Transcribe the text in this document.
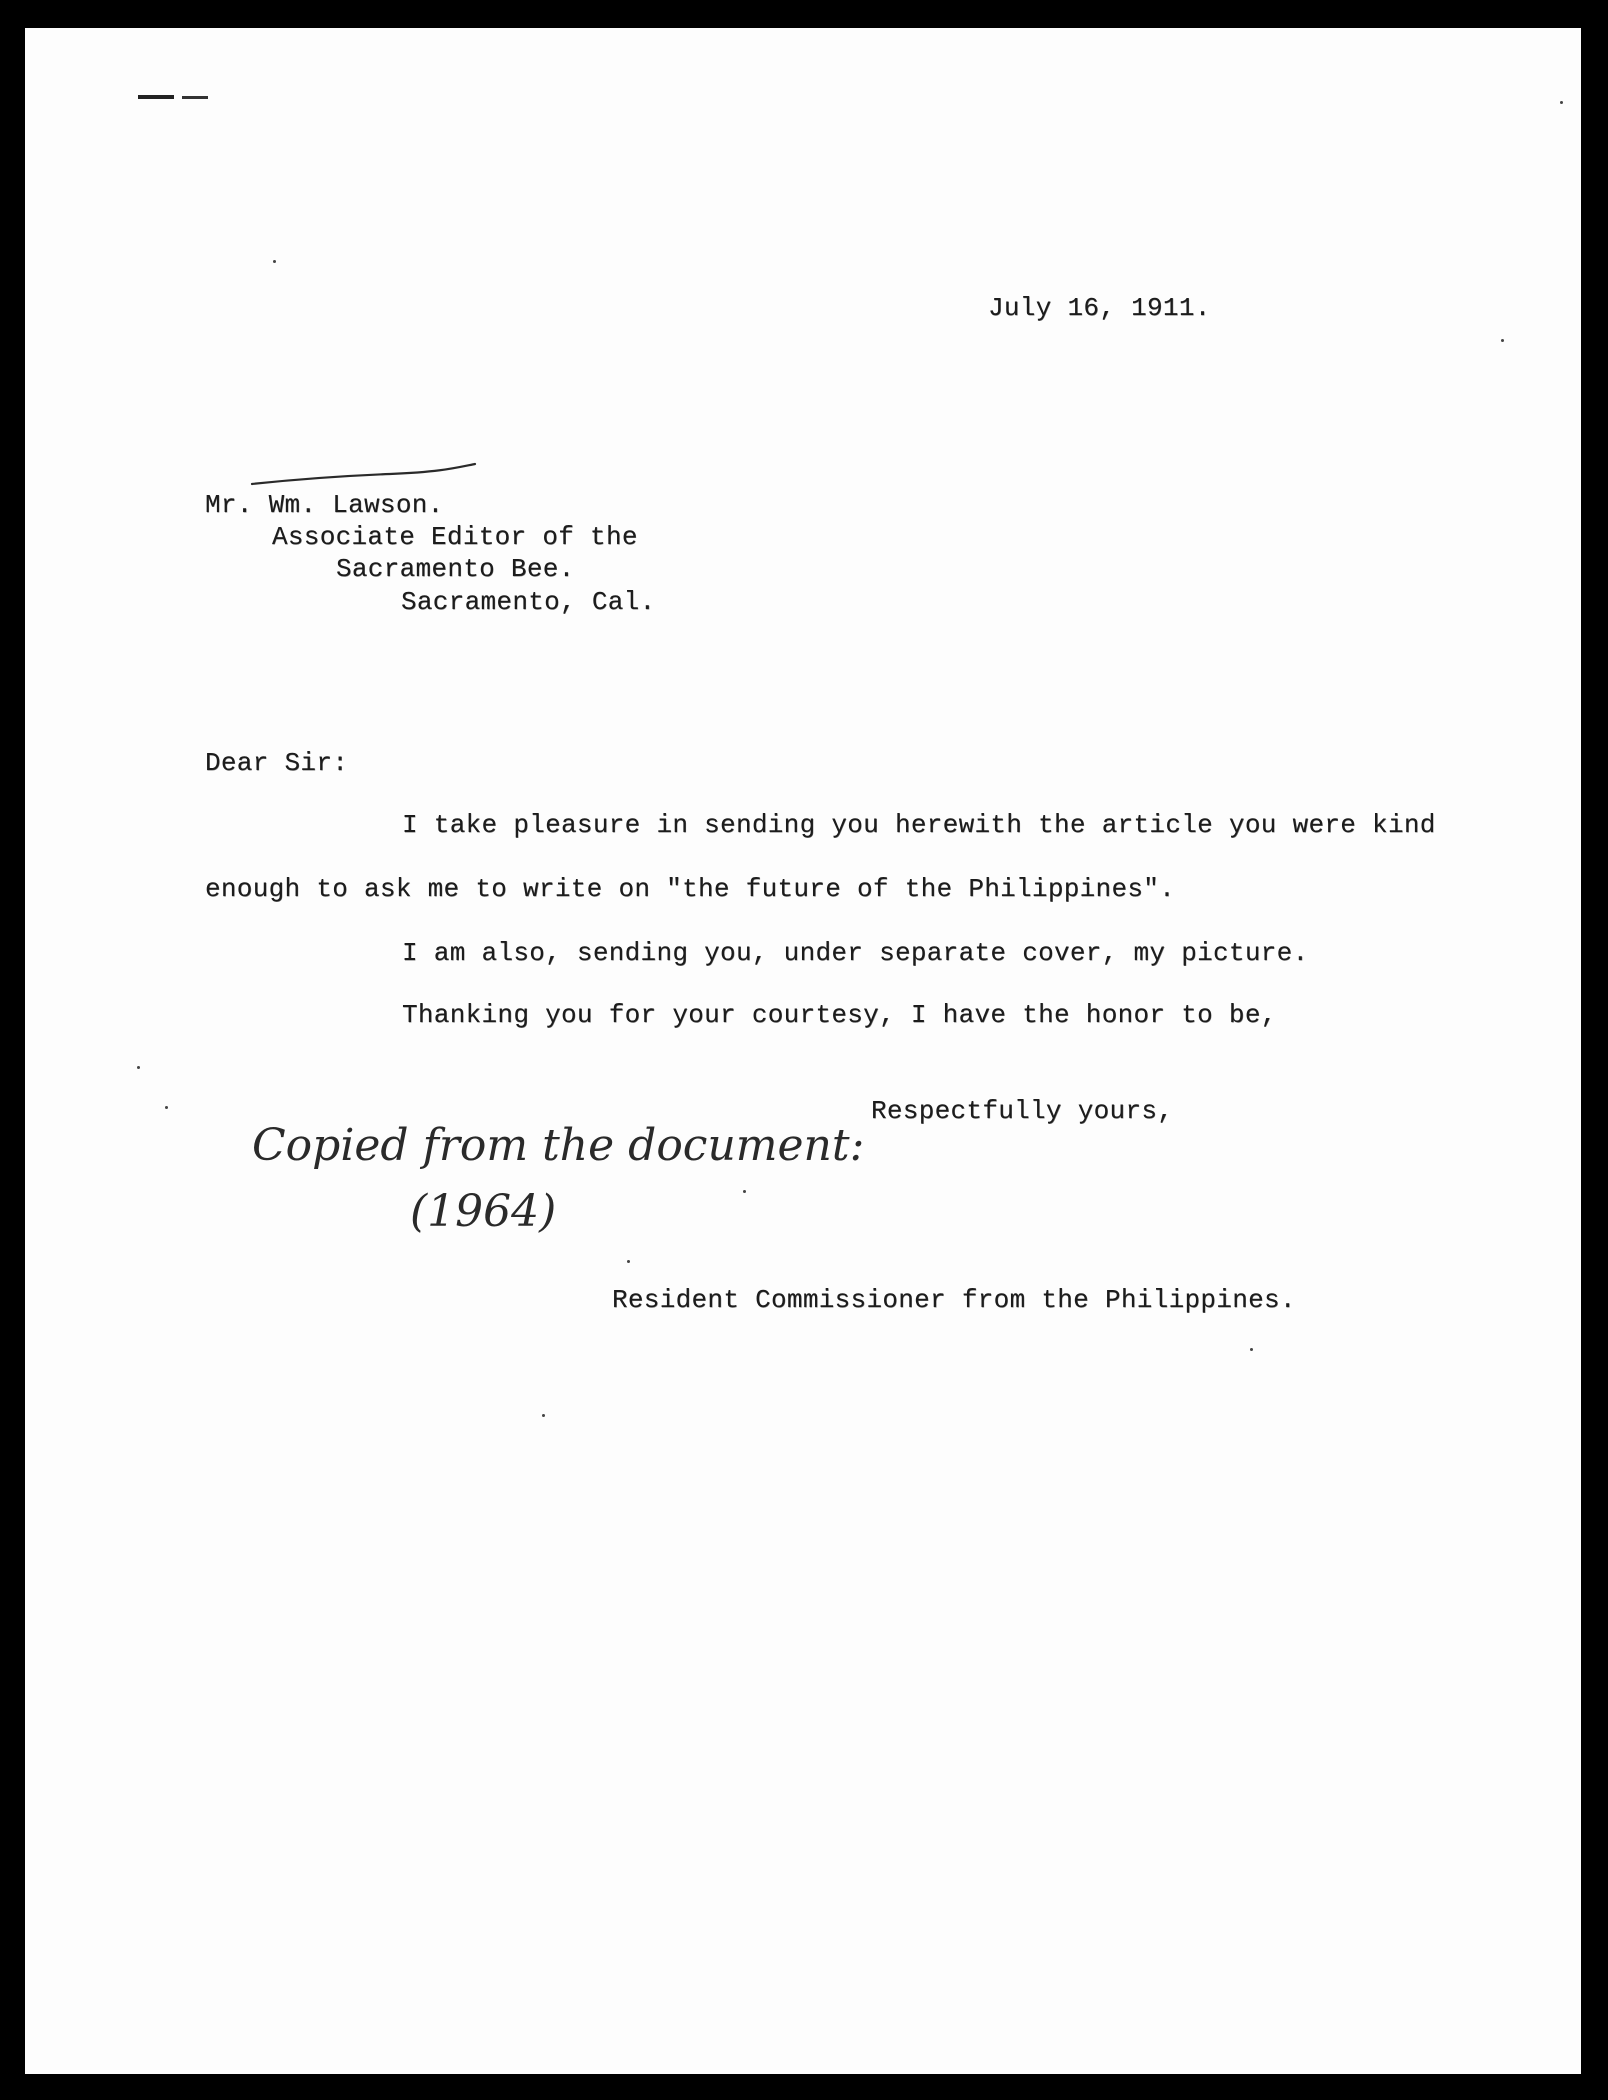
July 16, 1911.
Mr. Wm. Lawson.
Associate Editor of the
Sacramento Bee.
Sacramento, Cal.
Dear Sir:
I take pleasure in sending you herewith the article you were kind
enough to ask me to write on "the future of the Philippines".
I am also, sending you, under separate cover, my picture.
Thanking you for your courtesy, I have the honor to be,
Respectfully yours,
Resident Commissioner from the Philippines.
Copied from the document:
(1964)
